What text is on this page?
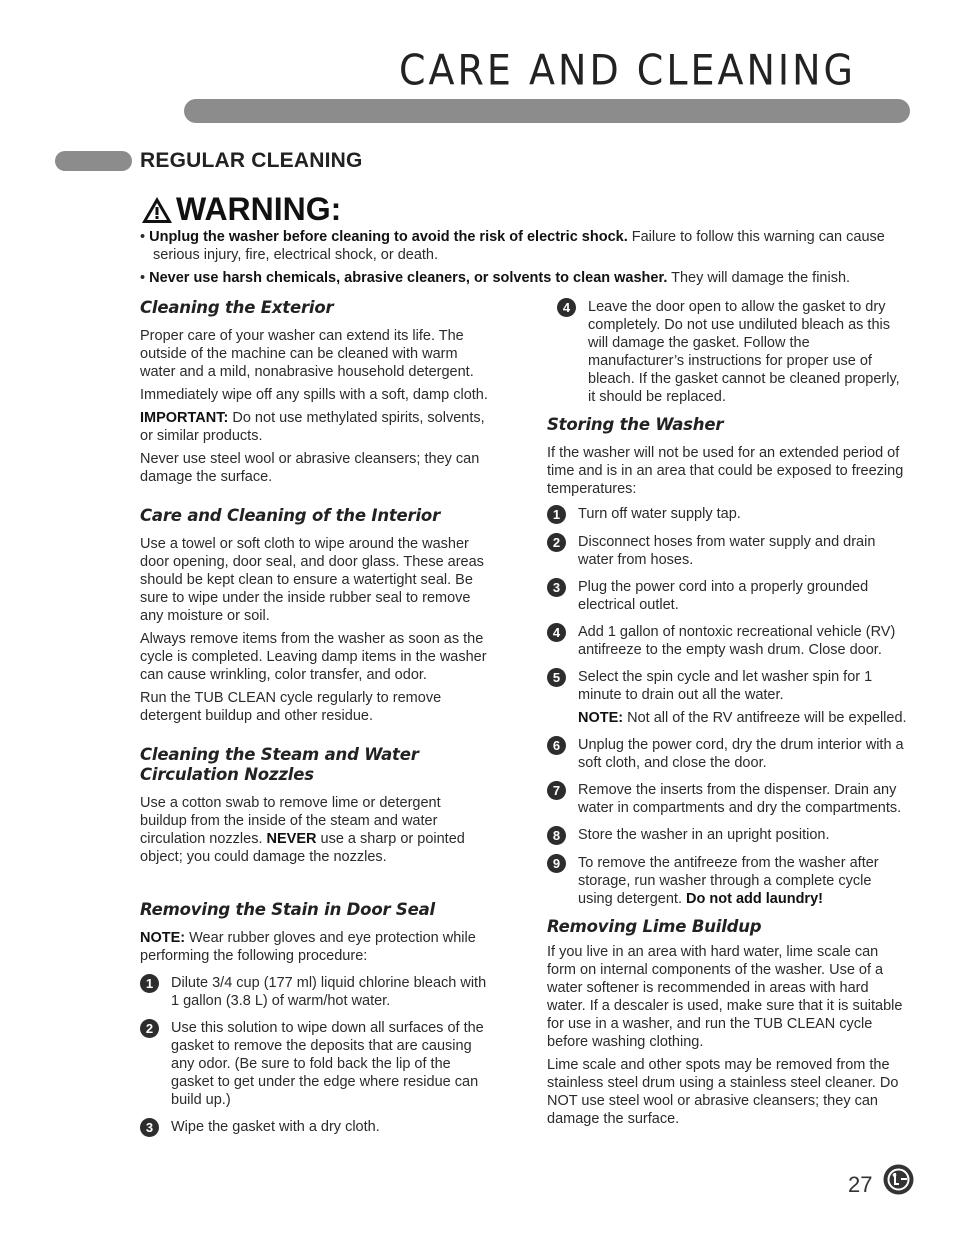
CARE AND CLEANING
REGULAR CLEANING
WARNING:
• Unplug the washer before cleaning to avoid the risk of electric shock. Failure to follow this warning can cause serious injury, fire, electrical shock, or death.
• Never use harsh chemicals, abrasive cleaners, or solvents to clean washer. They will damage the finish.
Cleaning the Exterior

Proper care of your washer can extend its life. The outside of the machine can be cleaned with warm water and a mild, nonabrasive household detergent.

Immediately wipe off any spills with a soft, damp cloth.

IMPORTANT: Do not use methylated spirits, solvents, or similar products.

Never use steel wool or abrasive cleansers; they can damage the surface.

Care and Cleaning of the Interior

Use a towel or soft cloth to wipe around the washer door opening, door seal, and door glass. These areas should be kept clean to ensure a watertight seal. Be sure to wipe under the inside rubber seal to remove any moisture or soil.

Always remove items from the washer as soon as the cycle is completed. Leaving damp items in the washer can cause wrinkling, color transfer, and odor.

Run the TUB CLEAN cycle regularly to remove detergent buildup and other residue.

Cleaning the Steam and Water
Circulation Nozzles

Use a cotton swab to remove lime or detergent buildup from the inside of the steam and water circulation nozzles. NEVER use a sharp or pointed object; you could damage the nozzles.

Removing the Stain in Door Seal

NOTE: Wear rubber gloves and eye protection while performing the following procedure:

1	Dilute 3/4 cup (177 ml) liquid chlorine bleach with 1 gallon (3.8 L) of warm/hot water.
2	Use this solution to wipe down all surfaces of the gasket to remove the deposits that are causing any odor. (Be sure to fold back the lip of the gasket to get under the edge where residue can build up.)
3	Wipe the gasket with a dry cloth.
4	Leave the door open to allow the gasket to dry completely. Do not use undiluted bleach as this will damage the gasket. Follow the manufacturer’s instructions for proper use of bleach. If the gasket cannot be cleaned properly, it should be replaced.
Storing the Washer

If the washer will not be used for an extended period of time and is in an area that could be exposed to freezing temperatures:

1	Turn off water supply tap.
2	Disconnect hoses from water supply and drain water from hoses.
3	Plug the power cord into a properly grounded electrical outlet.
4	Add 1 gallon of nontoxic recreational vehicle (RV) antifreeze to the empty wash drum. Close door.
5	Select the spin cycle and let washer spin for 1 minute to drain out all the water.
NOTE: Not all of the RV antifreeze will be expelled.
6	Unplug the power cord, dry the drum interior with a soft cloth, and close the door.
7	Remove the inserts from the dispenser. Drain any water in compartments and dry the compartments.
8	Store the washer in an upright position.
9	To remove the antifreeze from the washer after storage, run washer through a complete cycle using detergent. Do not add laundry!
Removing Lime Buildup

If you live in an area with hard water, lime scale can form on internal components of the washer. Use of a water softener is recommended in areas with hard water. If a descaler is used, make sure that it is suitable for use in a washer, and run the TUB CLEAN cycle before washing clothing.

Lime scale and other spots may be removed from the stainless steel drum using a stainless steel cleaner. Do NOT use steel wool or abrasive cleansers; they can damage the surface.

27
